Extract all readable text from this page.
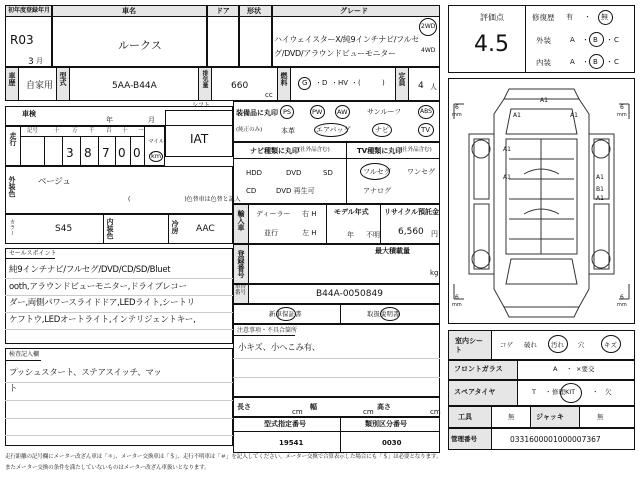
初年度登録年月
R03
3 月
車名
ルークス
ドア 形状	グレード
ハイウェイスターX/純9インチナビ/フルセ
グ/DVD/アラウンドビューモニター
2WD
4WD
車歴 自家用 型式	5AA-B44A	排気量	660
cc
燃料 G ・ D ・ HV ・ (	) 定員 4 人
車検
年	月
シフト
IAT
走行
記号	十 万 千 百 十 一
3 8 7 0 0
マイル
km
外装色	ベージュ
(　　　　　　　　　)色替車は色替と記入
カラー	S45	内装色	冷房 AAC
セールスポイント
純9インチナビ/フルセグ/DVD/CD/SD/Bluet
ooth,アラウンドビューモニター,ドライブレコー
ダー,両側パワースライドドア,LEDライト,シートリ
ケフトウ,LEDオートライト,インテリジェントキー,
検査記入欄
プッシュスタート、ステアスイッチ、マッ
ト
装備品に丸印
(純正のみ)
PS	PW AW	サンルーフ	ABS
本革	エアバッグ	ナビ	TV
ナビ種類に丸印 (社外品含む)
HDD	DVD	SD
CD	DVD 再生可
TV種類に丸印
(社外品含む)
フルセグ ワンセグ
アナログ
輸入車 ディーラー
並行
右 H
左 H
モデル年式
年 不明
リサイクル預託金
6,560 円
登録番号	最大積載量
kg
車台番号	B44A-0050849
新車保証書	取扱説明書
注意事項・不具合箇所
小キズ、小へこみ有、
長さ
cm
幅
cm
高さ
cm
型式指定番号
19541
類別区分番号
0030
評価点
4.5
修復歴 有 ・ 無
外装	A ・ B ・ C
内装	A ・ B ・ C
6
mm
6
mm
6
mm
6
mm
A1
A1	A1
A1
A1	A1
B1
A1
室内シート
コゲ 破れ 汚れ 穴	キズ
フロントガラス	A ・ ×要交
スペアタイヤ	T ・ 修理KIT	・ 欠
工具	無	ジャッキ	無
管理番号	0331600001000007367
走行距離の記号欄にメーター改ざん車は「＊」、メーター交換車は「＄」、走行不明車は「＃」を記入してください。メーター交換で合算表示した場合にも「＄」は必要となります。
またメーター交換の条件を満たしていないものはメーター改ざん車扱いとなります。
